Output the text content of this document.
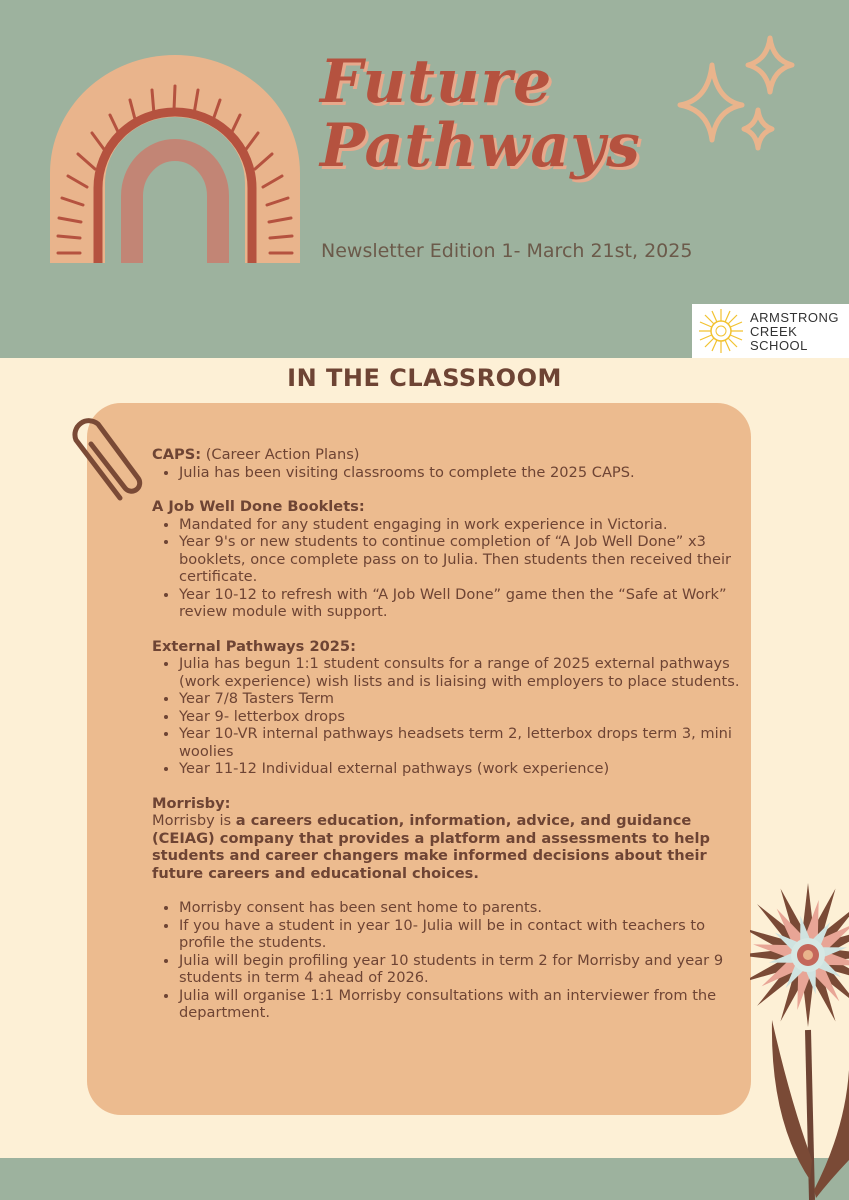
Future
Pathways
Newsletter Edition 1- March 21st, 2025
ARMSTRONG
CREEK
SCHOOL
IN THE CLASSROOM

CAPS: (Career Action Plans)

• Julia has been visiting classrooms to complete the 2025 CAPS.

A Job Well Done Booklets:

• Mandated for any student engaging in work experience in Victoria.
• Year 9's or new students to continue completion of “A Job Well Done” x3 booklets, once complete pass on to Julia. Then students then received their certificate.
• Year 10-12 to refresh with “A Job Well Done” game then the “Safe at Work” review module with support.

External Pathways 2025:

• Julia has begun 1:1 student consults for a range of 2025 external pathways (work experience) wish lists and is liaising with employers to place students.
• Year 7/8 Tasters Term
• Year 9- letterbox drops
• Year 10-VR internal pathways headsets term 2, letterbox drops term 3, mini woolies
• Year 11-12 Individual external pathways (work experience)

Morrisby:

Morrisby is a careers education, information, advice, and guidance (CEIAG) company that provides a platform and assessments to help students and career changers make informed decisions about their future careers and educational choices.

• Morrisby consent has been sent home to parents.
• If you have a student in year 10- Julia will be in contact with teachers to profile the students.
• Julia will begin profiling year 10 students in term 2 for Morrisby and year 9 students in term 4 ahead of 2026.
• Julia will organise 1:1 Morrisby consultations with an interviewer from the department.
